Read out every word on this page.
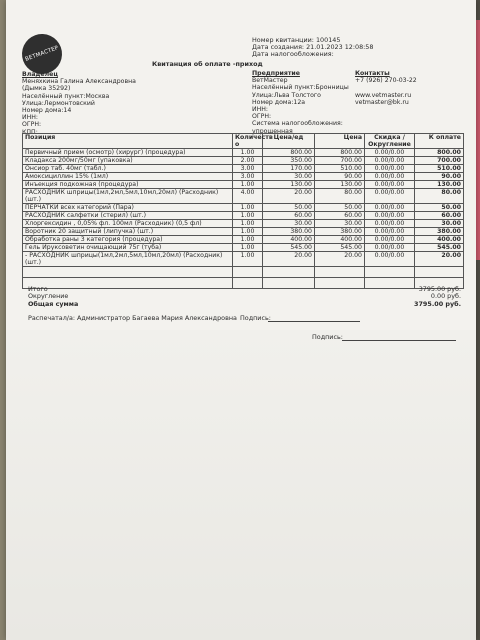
ВЕТМАСТЕР
Номер квитанции: 100145
Дата создания: 21.01.2023 12:08:58
Дата налогообложения:
Квитанция об оплате -приход
Владелец
Меняхкина Галина Александровна
(Дымка 35292)
Населённый пункт:Москва
Улица:Лермонтовский
Номер дома:14
ИНН:
ОГРН:
КПП:
Предприятие
ВетМастер
Населённый пункт:Бронницы
Улица:Льва Толстого
Номер дома:12а
ИНН:
ОГРН:
Система налогообложения:
упрощенная
Контакты
+7 (926) 270-03-22
www.vetmaster.ru
vetmaster@bk.ru
Позиция	Количеств о	Цена/ед	Цена	Скидка / Округление	К оплате
Первичный прием (осмотр) (хирург) (процедура)	1.00	800.00	800.00	0.00/0.00	800.00
Кладакса 200мг/50мг (упаковка)	2.00	350.00	700.00	0.00/0.00	700.00
Онсиор таб. 40мг (табл.)	3.00	170.00	510.00	0.00/0.00	510.00
Амоксициллин 15% (1мл)	3.00	30.00	90.00	0.00/0.00	90.00
Инъекция подкожная (процедура)	1.00	130.00	130.00	0.00/0.00	130.00
РАСХОДНИК шприцы(1мл,2мл,5мл,10мл,20мл) (Расходник) (шт.)	4.00	20.00	80.00	0.00/0.00	80.00
ПЕРЧАТКИ всех категорий (Пара)	1.00	50.00	50.00	0.00/0.00	50.00
РАСХОДНИК салфетки (стерил) (шт.)	1.00	60.00	60.00	0.00/0.00	60.00
Хлоргексидин , 0,05% фл. 100мл (Расходник) (0,5 фл)	1.00	30.00	30.00	0.00/0.00	30.00
Воротник 20 защитный (липучка) (шт.)	1.00	380.00	380.00	0.00/0.00	380.00
Обработка раны 3 категория (процедура)	1.00	400.00	400.00	0.00/0.00	400.00
Гель Ируксоветин очищающий 75г (туба)	1.00	545.00	545.00	0.00/0.00	545.00
- РАСХОДНИК шприцы(1мл,2мл,5мл,10мл,20мл) (Расходник) (шт.)	1.00	20.00	20.00	0.00/0.00	20.00

Итого	3795.00 руб.
Округление	0.00 руб.
Общая сумма	3795.00 руб.
Распечатал/а: Администратор Багаева Мария Александровна Подпись:
Подпись:
